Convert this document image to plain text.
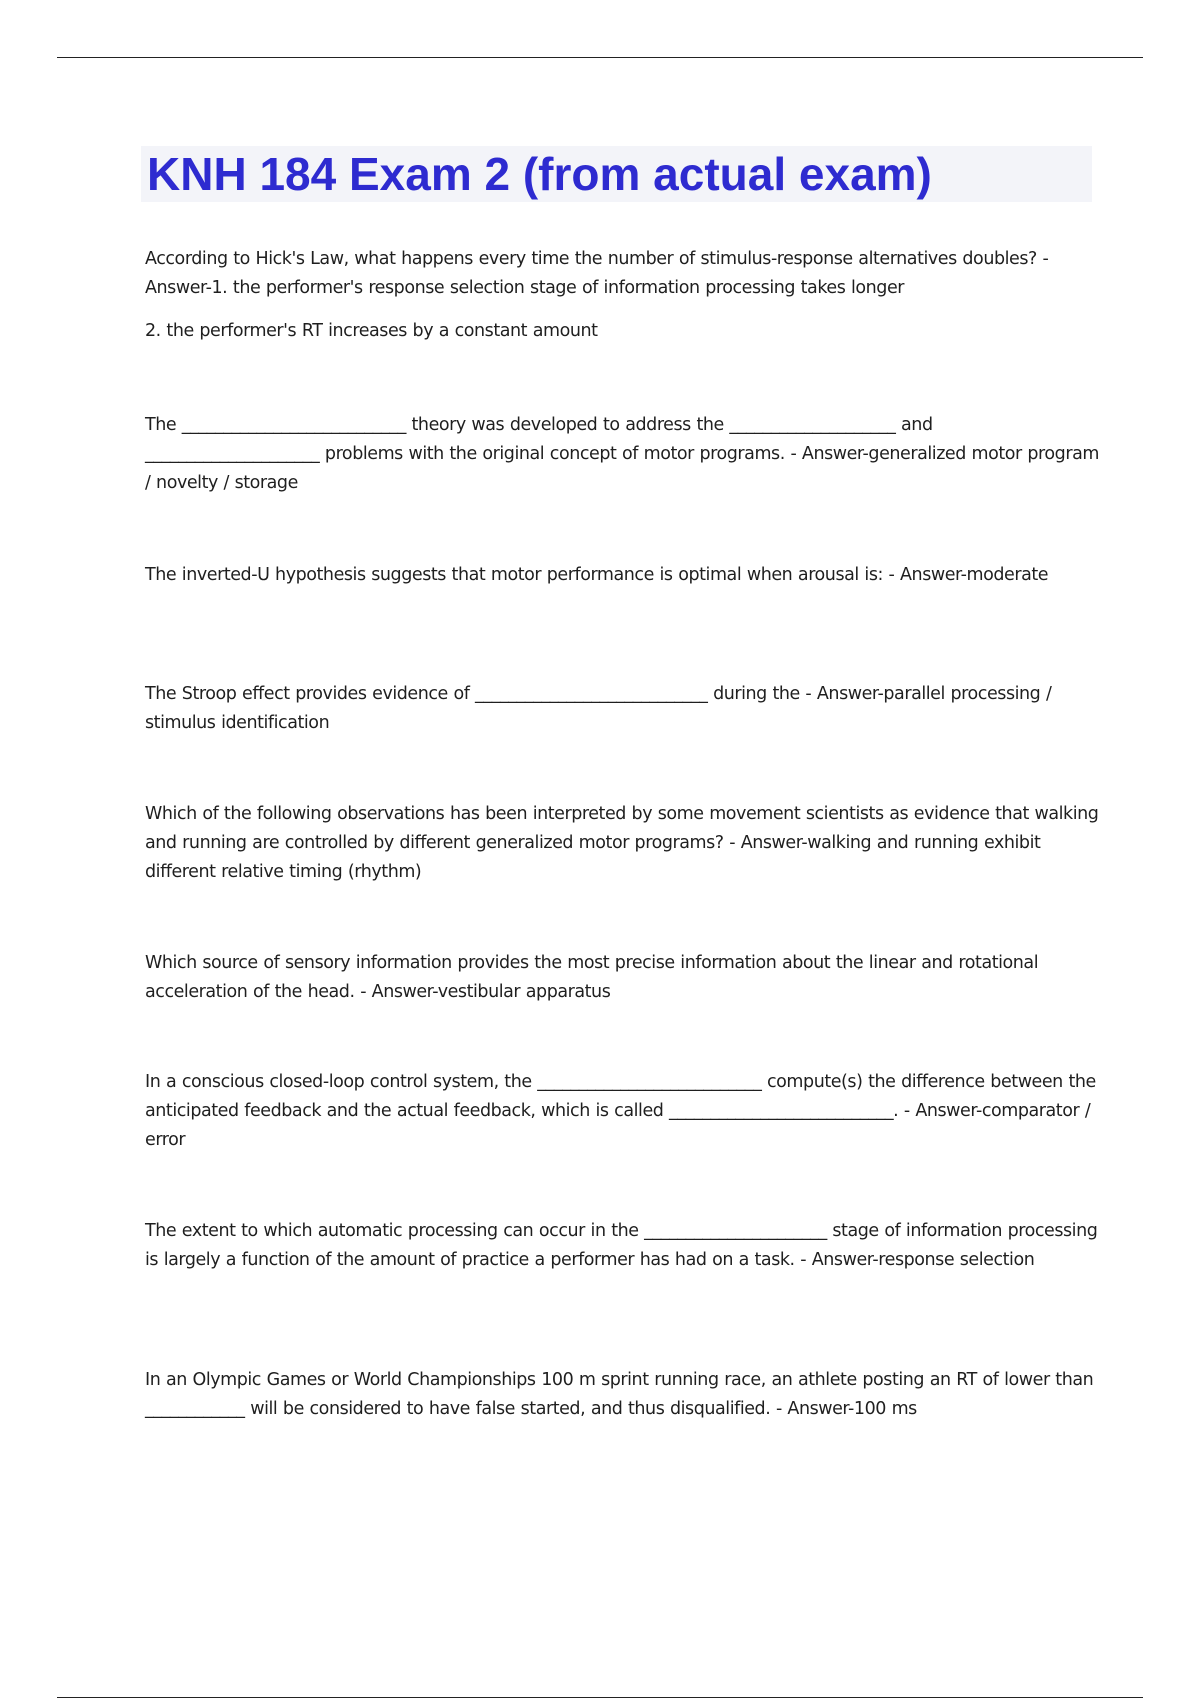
KNH 184 Exam 2 (from actual exam)

According to Hick's Law, what happens every time the number of stimulus-response alternatives doubles? - Answer-1. the performer's response selection stage of information processing takes longer

2. the performer's RT increases by a constant amount

The ___________________________ theory was developed to address the ____________________ and _____________________ problems with the original concept of motor programs. - Answer-generalized motor program / novelty / storage

The inverted-U hypothesis suggests that motor performance is optimal when arousal is: - Answer-moderate

The Stroop effect provides evidence of ____________________________ during the - Answer-parallel processing / stimulus identification

Which of the following observations has been interpreted by some movement scientists as evidence that walking and running are controlled by different generalized motor programs? - Answer-walking and running exhibit different relative timing (rhythm)

Which source of sensory information provides the most precise information about the linear and rotational acceleration of the head. - Answer-vestibular apparatus

In a conscious closed-loop control system, the ___________________________ compute(s) the difference between the anticipated feedback and the actual feedback, which is called ___________________________. - Answer-comparator / error

The extent to which automatic processing can occur in the ______________________ stage of information processing is largely a function of the amount of practice a performer has had on a task. - Answer-response selection

In an Olympic Games or World Championships 100 m sprint running race, an athlete posting an RT of lower than ____________ will be considered to have false started, and thus disqualified. - Answer-100 ms
